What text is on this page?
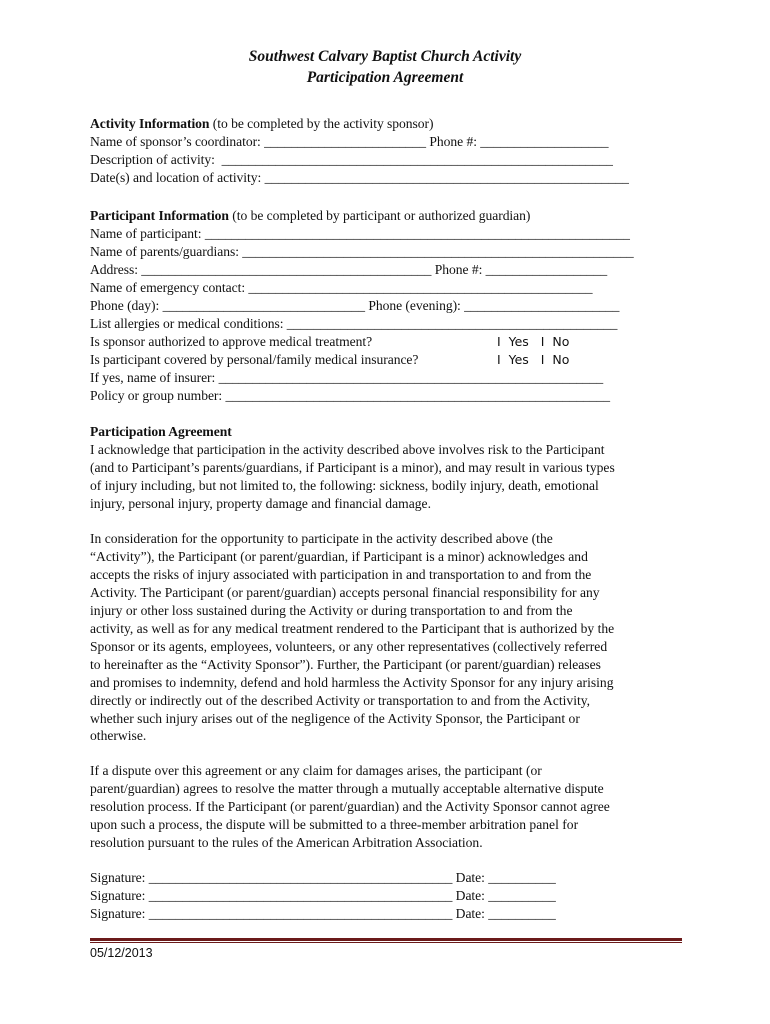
Southwest Calvary Baptist Church Activity
Participation Agreement
Activity Information (to be completed by the activity sponsor)
Name of sponsor’s coordinator: ________________________ Phone #: ___________________
Description of activity:  __________________________________________________________
Date(s) and location of activity: ______________________________________________________
Participant Information (to be completed by participant or authorized guardian)
Name of participant: _______________________________________________________________
Name of parents/guardians: __________________________________________________________
Address: ___________________________________________ Phone #: __________________
Name of emergency contact: ___________________________________________________
Phone (day): ______________________________ Phone (evening): _______________________
List allergies or medical conditions: _________________________________________________
Is sponsor authorized to approve medical treatment?	I  Yes   I  No
Is participant covered by personal/family medical insurance?	I  Yes   I  No
If yes, name of insurer: _________________________________________________________
Policy or group number: _________________________________________________________
Participation Agreement
I acknowledge that participation in the activity described above involves risk to the Participant
(and to Participant’s parents/guardians, if Participant is a minor), and may result in various types
of injury including, but not limited to, the following: sickness, bodily injury, death, emotional
injury, personal injury, property damage and financial damage.
In consideration for the opportunity to participate in the activity described above (the
“Activity”), the Participant (or parent/guardian, if Participant is a minor) acknowledges and
accepts the risks of injury associated with participation in and transportation to and from the
Activity. The Participant (or parent/guardian) accepts personal financial responsibility for any
injury or other loss sustained during the Activity or during transportation to and from the
activity, as well as for any medical treatment rendered to the Participant that is authorized by the
Sponsor or its agents, employees, volunteers, or any other representatives (collectively referred
to hereinafter as the “Activity Sponsor”). Further, the Participant (or parent/guardian) releases
and promises to indemnity, defend and hold harmless the Activity Sponsor for any injury arising
directly or indirectly out of the described Activity or transportation to and from the Activity,
whether such injury arises out of the negligence of the Activity Sponsor, the Participant or
otherwise.
If a dispute over this agreement or any claim for damages arises, the participant (or
parent/guardian) agrees to resolve the matter through a mutually acceptable alternative dispute
resolution process. If the Participant (or parent/guardian) and the Activity Sponsor cannot agree
upon such a process, the dispute will be submitted to a three-member arbitration panel for
resolution pursuant to the rules of the American Arbitration Association.
Signature: _____________________________________________ Date: __________
Signature: _____________________________________________ Date: __________
Signature: _____________________________________________ Date: __________
05/12/2013
